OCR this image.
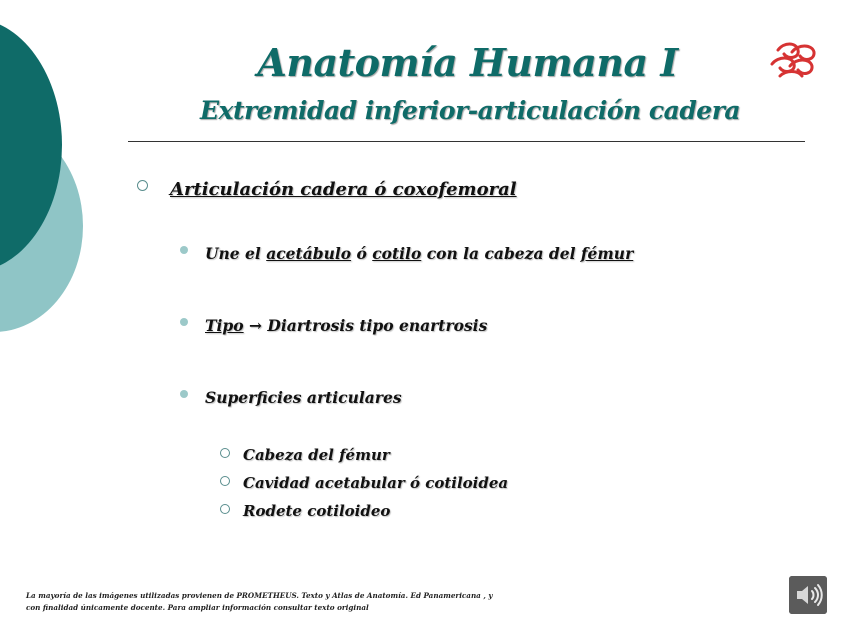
Anatomía Humana I
Extremidad inferior-articulación cadera
Articulación cadera ó coxofemoral
Une el acetábulo ó cotilo con la cabeza del fémur
Tipo → Diartrosis tipo enartrosis
Superficies articulares
Cabeza del fémur
Cavidad acetabular ó cotiloidea
Rodete cotiloideo
La mayoría de las imágenes utilizadas provienen de PROMETHEUS. Texto y Atlas de Anatomía. Ed Panamericana , y
con finalidad únicamente docente. Para ampliar información consultar texto original
